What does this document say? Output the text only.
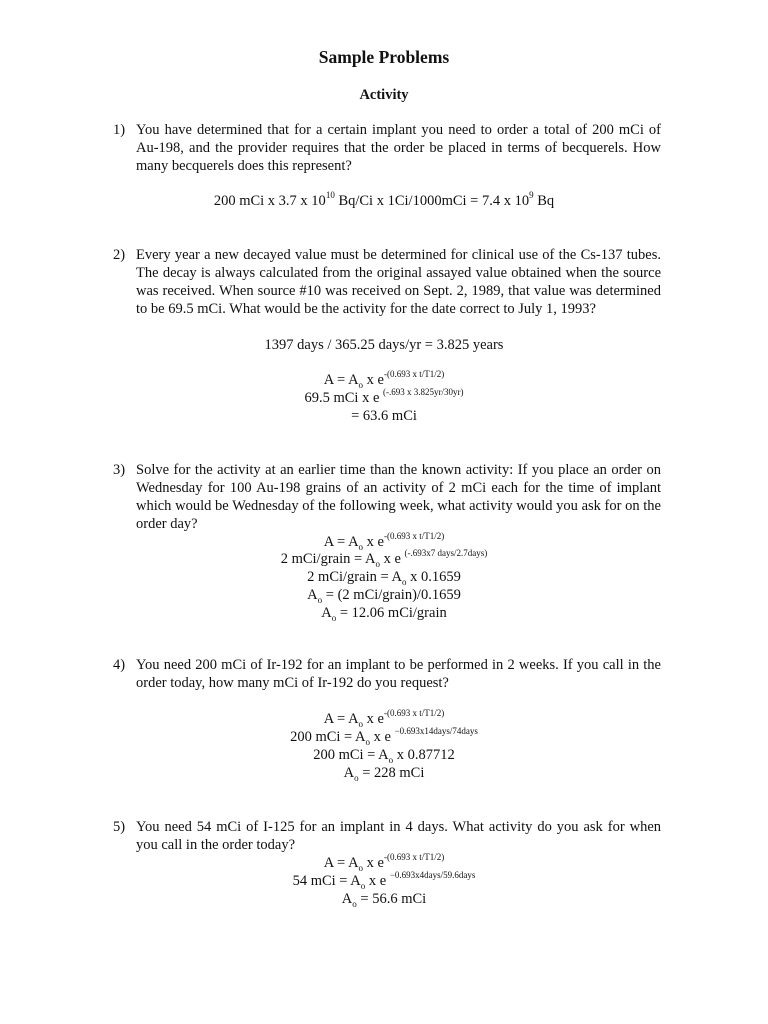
Sample Problems
Activity
1) You have determined that for a certain implant you need to order a total of 200 mCi of Au-198, and the provider requires that the order be placed in terms of becquerels. How many becquerels does this represent?
200 mCi x 3.7 x $10^{10}$ Bq/Ci x 1Ci/1000mCi = 7.4 x $10^9$ Bq
2) Every year a new decayed value must be determined for clinical use of the Cs-137 tubes. The decay is always calculated from the original assayed value obtained when the source was received. When source #10 was received on Sept. 2, 1989, that value was determined to be 69.5 mCi. What would be the activity for the date correct to July 1, 1993?
1397 days / 365.25 days/yr = 3.825 years
$A = A_o$ x $e^{-(0.693 x t/T1/2)}$
69.5 mCi x e $^{(-.693 x 3.825yr/30yr)}$
= 63.6 mCi
3) Solve for the activity at an earlier time than the known activity: If you place an order on Wednesday for 100 Au-198 grains of an activity of 2 mCi each for the time of implant which would be Wednesday of the following week, what activity would you ask for on the order day?
$A = A_o$ x $e^{-(0.693 x t/T1/2)}$
2 mCi/grain = $A_o$ x e $^{(-.693x7 days/2.7days)}$
2 mCi/grain = $A_o$ x 0.1659
$A_o = (2$ mCi/grain)/0.1659
$A_o = 12.06$ mCi/grain
4) You need 200 mCi of Ir-192 for an implant to be performed in 2 weeks. If you call in the order today, how many mCi of Ir-192 do you request?
$A = A_o$ x $e^{-(0.693 x t/T1/2)}$
200 mCi = $A_o$ x e $^{-0.693x14days/74days}$
200 mCi = $A_o$ x 0.87712
$A_o = 228$ mCi
5) You need 54 mCi of I-125 for an implant in 4 days. What activity do you ask for when you call in the order today?
$A = A_o$ x $e^{-(0.693 x t/T1/2)}$
54 mCi = $A_o$ x e $^{-0.693x4days/59.6days}$
$A_o = 56.6$ mCi
